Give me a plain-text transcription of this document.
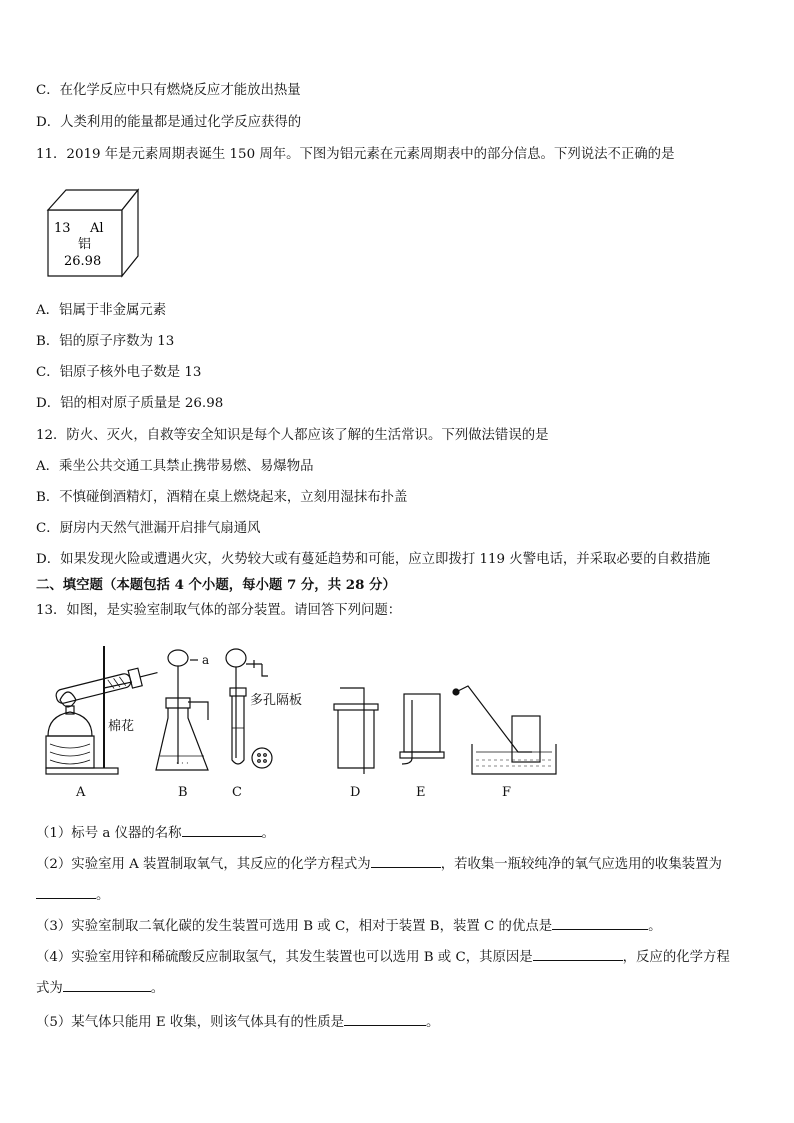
C．在化学反应中只有燃烧反应才能放出热量
D．人类利用的能量都是通过化学反应获得的
11．2019 年是元素周期表诞生 150 周年。下图为铝元素在元素周期表中的部分信息。下列说法不正确的是
13 Al
铝
26.98
A．铝属于非金属元素
B．铝的原子序数为 13
C．铝原子核外电子数是 13
D．铝的相对原子质量是 26.98
12．防火、灭火，自救等安全知识是每个人都应该了解的生活常识。下列做法错误的是
A．乘坐公共交通工具禁止携带易燃、易爆物品
B．不慎碰倒酒精灯，酒精在桌上燃烧起来，立刻用湿抹布扑盖
C．厨房内天然气泄漏开启排气扇通风
D．如果发现火险或遭遇火灾，火势较大或有蔓延趋势和可能，应立即拨打 119 火警电话，并采取必要的自救措施
二、填空题（本题包括 4 个小题，每小题 7 分，共 28 分）
13．如图，是实验室制取气体的部分装置。请回答下列问题：
棉花
a
· · ·
多孔隔板
A	B	C	D	E	F
（1）标号 a 仪器的名称	。
（2）实验室用 A 装置制取氧气，其反应的化学方程式为	，若收集一瓶较纯净的氧气应选用的收集装置为
。
（3）实验室制取二氧化碳的发生装置可选用 B 或 C，相对于装置 B，装置 C 的优点是	。
（4）实验室用锌和稀硫酸反应制取氢气，其发生装置也可以选用 B 或 C，其原因是	，反应的化学方程
式为	。
（5）某气体只能用 E 收集，则该气体具有的性质是	。
